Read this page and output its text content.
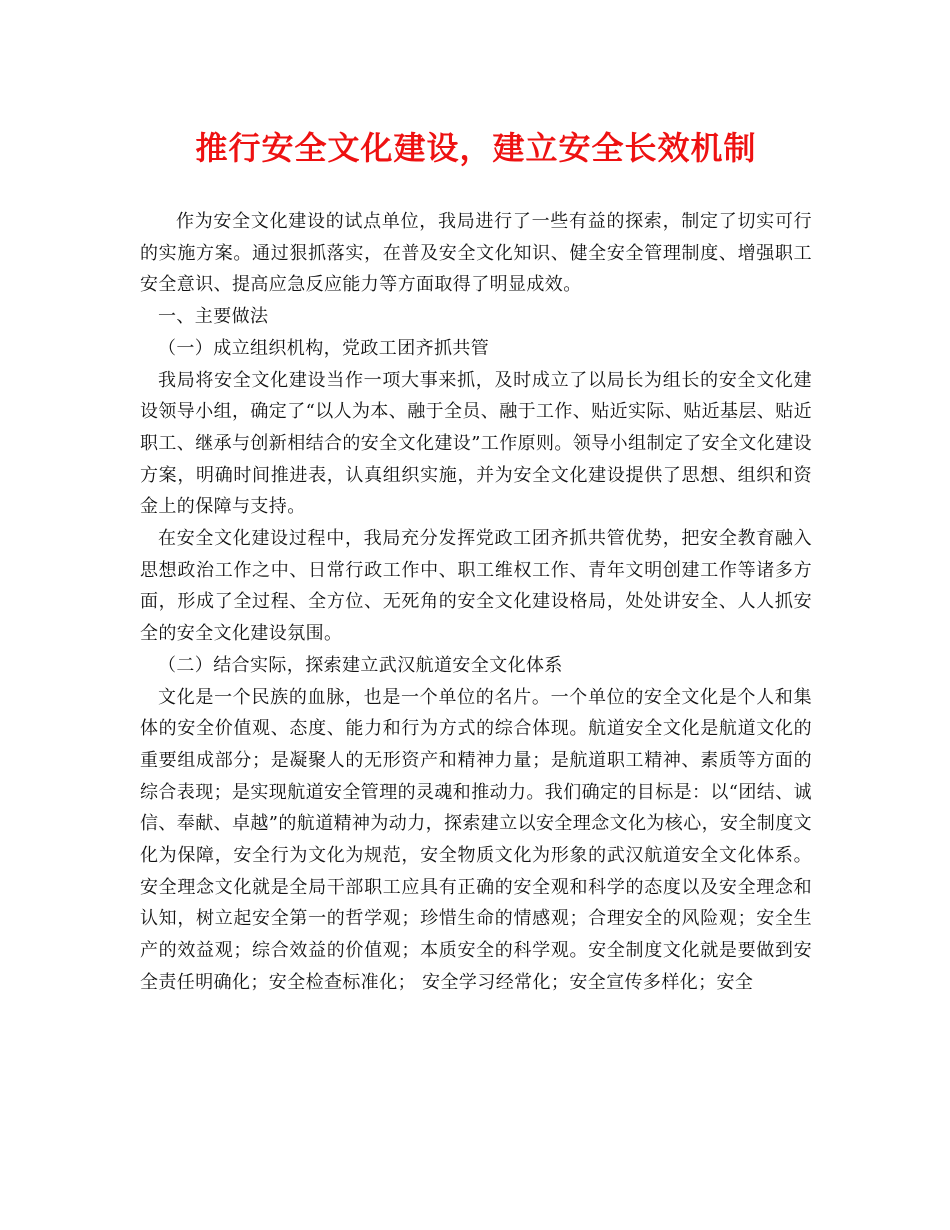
推行安全文化建设，建立安全长效机制

作为安全文化建设的试点单位，我局进行了一些有益的探索，制定了切实可行的实施方案。通过狠抓落实，在普及安全文化知识、健全安全管理制度、增强职工安全意识、提高应急反应能力等方面取得了明显成效。

一、主要做法

（一）成立组织机构，党政工团齐抓共管

我局将安全文化建设当作一项大事来抓，及时成立了以局长为组长的安全文化建设领导小组，确定了“以人为本、融于全员、融于工作、贴近实际、贴近基层、贴近职工、继承与创新相结合的安全文化建设”工作原则。领导小组制定了安全文化建设方案，明确时间推进表，认真组织实施，并为安全文化建设提供了思想、组织和资金上的保障与支持。

在安全文化建设过程中，我局充分发挥党政工团齐抓共管优势，把安全教育融入思想政治工作之中、日常行政工作中、职工维权工作、青年文明创建工作等诸多方面，形成了全过程、全方位、无死角的安全文化建设格局，处处讲安全、人人抓安全的安全文化建设氛围。

（二）结合实际，探索建立武汉航道安全文化体系

文化是一个民族的血脉，也是一个单位的名片。一个单位的安全文化是个人和集体的安全价值观、态度、能力和行为方式的综合体现。航道安全文化是航道文化的重要组成部分；是凝聚人的无形资产和精神力量；是航道职工精神、素质等方面的综合表现；是实现航道安全管理的灵魂和推动力。我们确定的目标是：以“团结、诚信、奉献、卓越”的航道精神为动力，探索建立以安全理念文化为核心，安全制度文化为保障，安全行为文化为规范，安全物质文化为形象的武汉航道安全文化体系。安全理念文化就是全局干部职工应具有正确的安全观和科学的态度以及安全理念和认知，树立起安全第一的哲学观；珍惜生命的情感观；合理安全的风险观；安全生产的效益观；综合效益的价值观；本质安全的科学观。安全制度文化就是要做到安全责任明确化；安全检查标准化； 安全学习经常化；安全宣传多样化；安全
